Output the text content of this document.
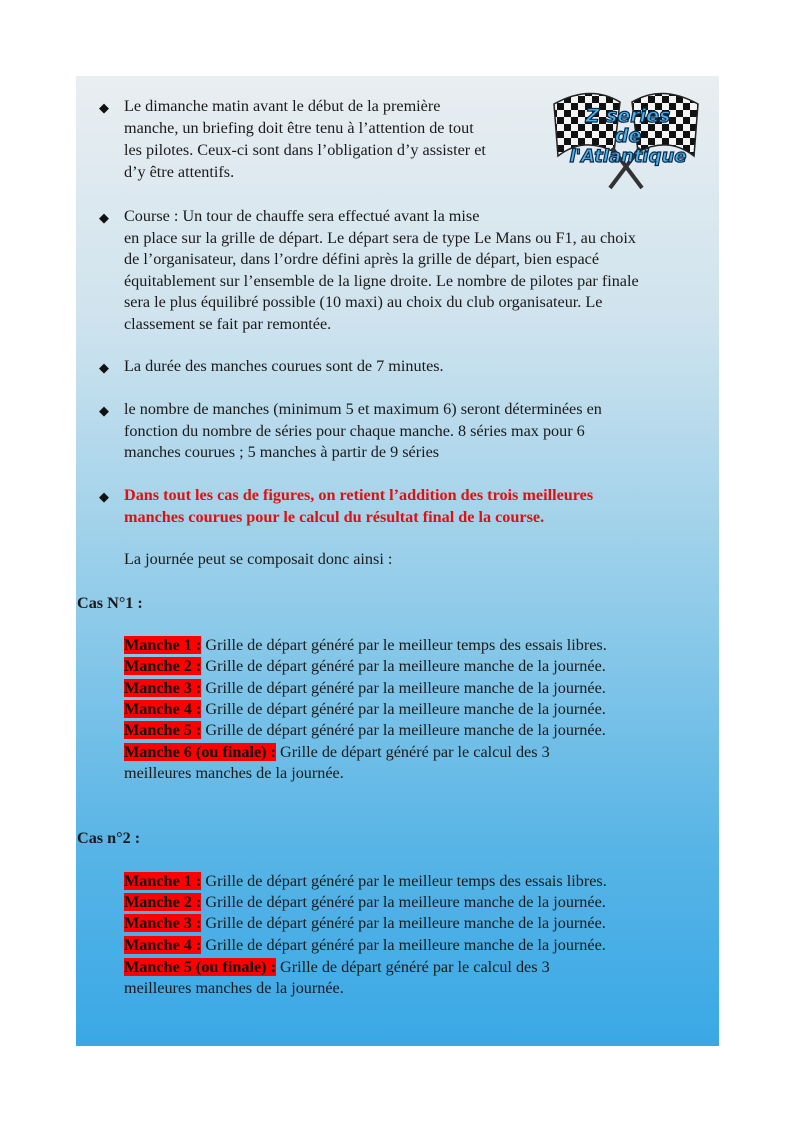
Z series
de
l'Atlantique
◆ Le dimanche matin avant le début de la première
manche, un briefing doit être tenu à l’attention de tout
les pilotes. Ceux-ci sont dans l’obligation d’y assister et
d’y être attentifs.
◆ Course : Un tour de chauffe sera effectué avant la mise
en place sur la grille de départ. Le départ sera de type Le Mans ou F1, au choix
de l’organisateur, dans l’ordre défini après la grille de départ, bien espacé
équitablement sur l’ensemble de la ligne droite. Le nombre de pilotes par finale
sera le plus équilibré possible (10 maxi) au choix du club organisateur. Le
classement se fait par remontée.
◆ La durée des manches courues sont de 7 minutes.
◆ le nombre de manches (minimum 5 et maximum 6) seront déterminées en
fonction du nombre de séries pour chaque manche. 8 séries max pour 6
manches courues ; 5 manches à partir de 9 séries
◆ Dans tout les cas de figures, on retient l’addition des trois meilleures
manches courues pour le calcul du résultat final de la course.
La journée peut se composait donc ainsi :
Cas N°1 :
Manche 1 : Grille de départ généré par le meilleur temps des essais libres.
Manche 2 : Grille de départ généré par la meilleure manche de la journée.
Manche 3 : Grille de départ généré par la meilleure manche de la journée.
Manche 4 : Grille de départ généré par la meilleure manche de la journée.
Manche 5 : Grille de départ généré par la meilleure manche de la journée.
Manche 6 (ou finale) : Grille de départ généré par le calcul des 3
meilleures manches de la journée.
Cas n°2 :
Manche 1 : Grille de départ généré par le meilleur temps des essais libres.
Manche 2 : Grille de départ généré par la meilleure manche de la journée.
Manche 3 : Grille de départ généré par la meilleure manche de la journée.
Manche 4 : Grille de départ généré par la meilleure manche de la journée.
Manche 5 (ou finale) : Grille de départ généré par le calcul des 3
meilleures manches de la journée.
